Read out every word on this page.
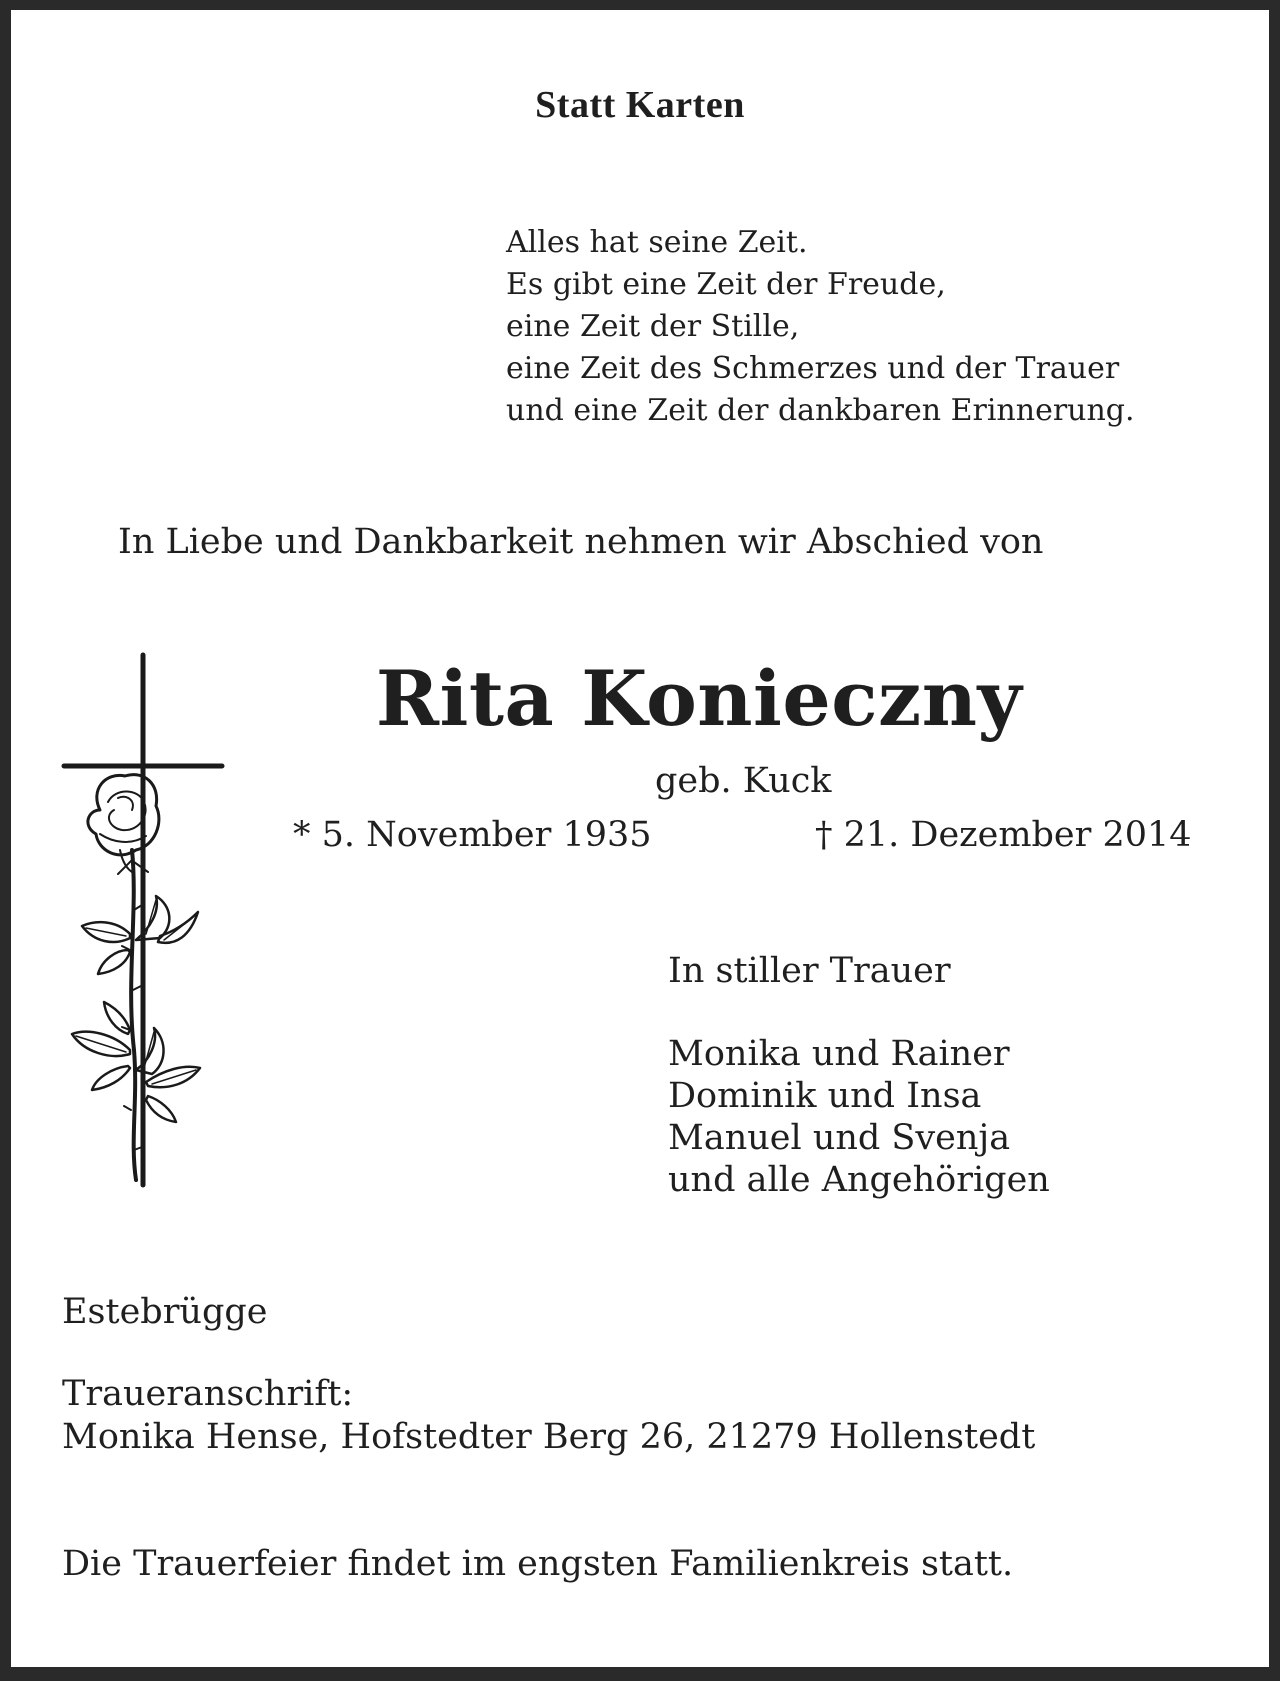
Statt Karten
Alles hat seine Zeit.
Es gibt eine Zeit der Freude,
eine Zeit der Stille,
eine Zeit des Schmerzes und der Trauer
und eine Zeit der dankbaren Erinnerung.
In Liebe und Dankbarkeit nehmen wir Abschied von
Rita Konieczny
geb. Kuck
* 5. November 1935	† 21. Dezember 2014
In stiller Trauer
Monika und Rainer
Dominik und Insa
Manuel und Svenja
und alle Angehörigen
Estebrügge
Traueranschrift:
Monika Hense, Hofstedter Berg 26, 21279 Hollenstedt
Die Trauerfeier findet im engsten Familienkreis statt.
